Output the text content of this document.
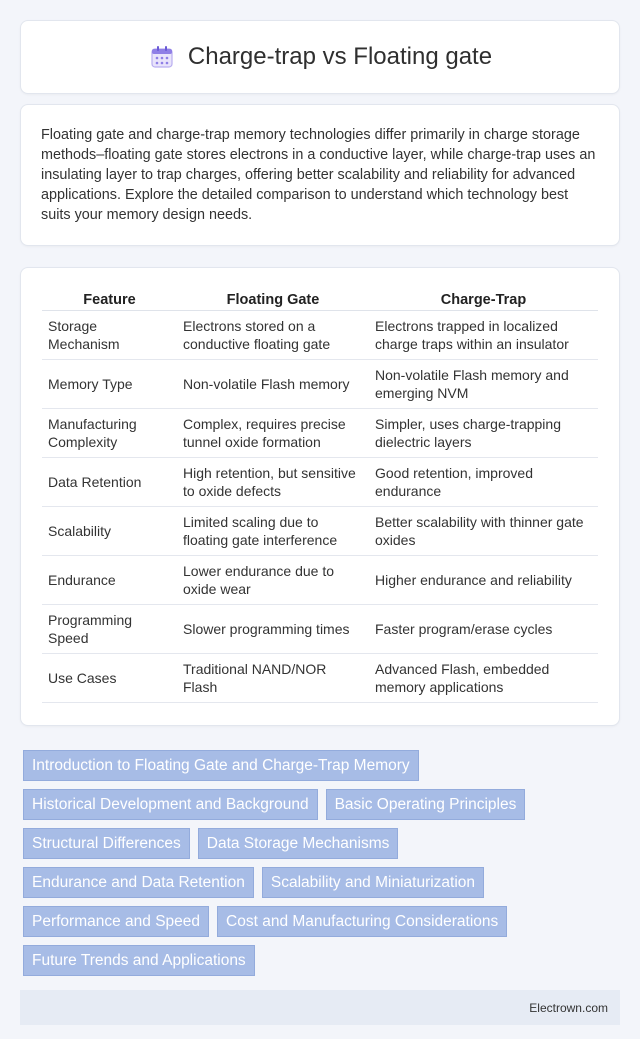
Charge-trap vs Floating gate

Floating gate and charge-trap memory technologies differ primarily in charge storage methods–floating gate stores electrons in a conductive layer, while charge-trap uses an insulating layer to trap charges, offering better scalability and reliability for advanced applications. Explore the detailed comparison to understand which technology best suits your memory design needs.

Feature	Floating Gate	Charge-Trap
Storage Mechanism	Electrons stored on a conductive floating gate	Electrons trapped in localized charge traps within an insulator
Memory Type	Non-volatile Flash memory	Non-volatile Flash memory and emerging NVM
Manufacturing Complexity	Complex, requires precise tunnel oxide formation	Simpler, uses charge-trapping dielectric layers
Data Retention	High retention, but sensitive to oxide defects	Good retention, improved endurance
Scalability	Limited scaling due to floating gate interference	Better scalability with thinner gate oxides
Endurance	Lower endurance due to oxide wear	Higher endurance and reliability
Programming Speed	Slower programming times	Faster program/erase cycles
Use Cases	Traditional NAND/NOR Flash	Advanced Flash, embedded memory applications
Introduction to Floating Gate and Charge-Trap Memory
Historical Development and Background	Basic Operating Principles
Structural Differences	Data Storage Mechanisms
Endurance and Data Retention	Scalability and Miniaturization
Performance and Speed	Cost and Manufacturing Considerations
Future Trends and Applications
Electrown.com
